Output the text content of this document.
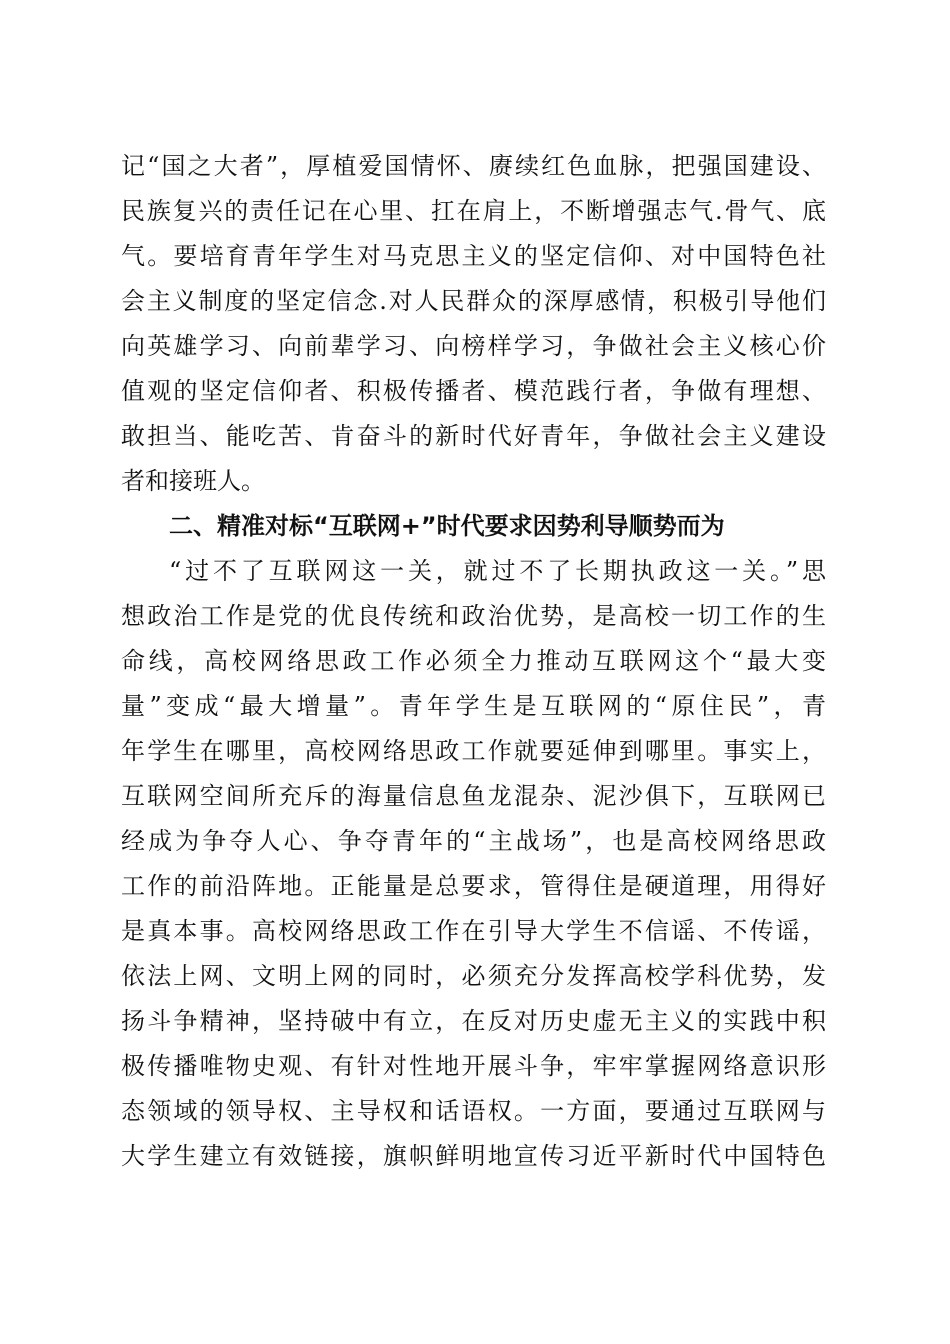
记“国之大者”，厚植爱国情怀、赓续红色血脉，把强国建设、
民族复兴的责任记在心里、扛在肩上，不断增强志气.骨气、底
气。要培育青年学生对马克思主义的坚定信仰、对中国特色社
会主义制度的坚定信念.对人民群众的深厚感情，积极引导他们
向英雄学习、向前辈学习、向榜样学习，争做社会主义核心价
值观的坚定信仰者、积极传播者、模范践行者，争做有理想、
敢担当、能吃苦、肯奋斗的新时代好青年，争做社会主义建设
者和接班人。
二、精准对标“互联网+”时代要求因势利导顺势而为
“过不了互联网这一关，就过不了长期执政这一关。”思
想政治工作是党的优良传统和政治优势，是高校一切工作的生
命线，高校网络思政工作必须全力推动互联网这个“最大变
量”变成“最大增量”。青年学生是互联网的“原住民”，青
年学生在哪里，高校网络思政工作就要延伸到哪里。事实上，
互联网空间所充斥的海量信息鱼龙混杂、泥沙俱下，互联网已
经成为争夺人心、争夺青年的“主战场”，也是高校网络思政
工作的前沿阵地。正能量是总要求，管得住是硬道理，用得好
是真本事。高校网络思政工作在引导大学生不信谣、不传谣，
依法上网、文明上网的同时，必须充分发挥高校学科优势，发
扬斗争精神，坚持破中有立，在反对历史虚无主义的实践中积
极传播唯物史观、有针对性地开展斗争，牢牢掌握网络意识形
态领域的领导权、主导权和话语权。一方面，要通过互联网与
大学生建立有效链接，旗帜鲜明地宣传习近平新时代中国特色
